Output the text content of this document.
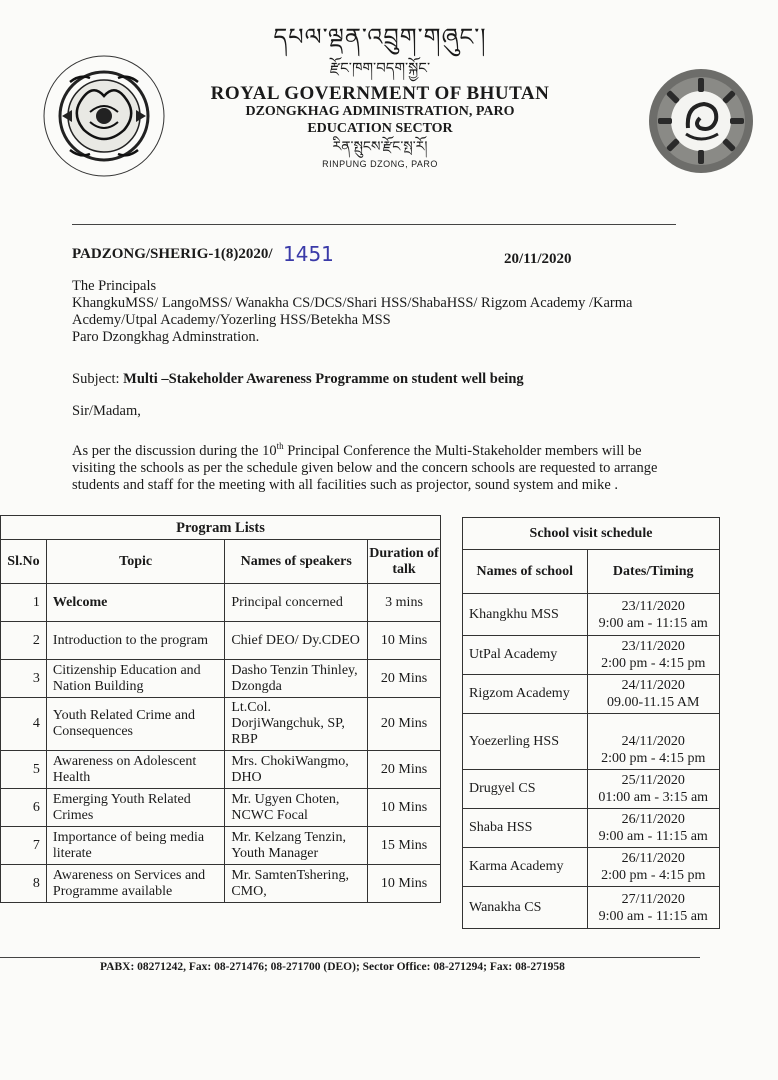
དཔལ་ལྡན་འབྲུག་གཞུང་།
རྫོང་ཁག་བདག་སྐྱོང་
ROYAL GOVERNMENT OF BHUTAN
DZONGKHAG ADMINISTRATION, PARO
EDUCATION SECTOR
རིན་སྤུངས་རྫོང་སྤ་རོ།
RINPUNG DZONG, PARO
PADZONG/SHERIG-1(8)2020/ 1451	20/11/2020
The Principals
KhangkuMSS/ LangoMSS/ Wanakha CS/DCS/Shari HSS/ShabaHSS/ Rigzom Academy /Karma Acdemy/Utpal Academy/Yozerling HSS/Betekha MSS
Paro Dzongkhag Adminstration.
Subject: Multi –Stakeholder Awareness Programme on student well being
Sir/Madam,
As per the discussion during the 10th Principal Conference the Multi-Stakeholder members will be visiting the schools as per the schedule given below and the concern schools are requested to arrange students and staff for the meeting with all facilities such as projector, sound system and mike .
Program Lists			
Sl.No	Topic	Names of speakers	Duration of talk
1	Welcome	Principal concerned	3 mins
2	Introduction to the program	Chief DEO/ Dy.CDEO	10 Mins
3	Citizenship Education and Nation Building	Dasho Tenzin Thinley, Dzongda	20 Mins
4	Youth Related Crime and Consequences	Lt.Col. DorjiWangchuk, SP, RBP	20 Mins
5	Awareness on Adolescent Health	Mrs. ChokiWangmo, DHO	20 Mins
6	Emerging Youth Related Crimes	Mr. Ugyen Choten, NCWC Focal	10 Mins
7	Importance of being media literate	Mr. Kelzang Tenzin, Youth Manager	15 Mins
8	Awareness on Services and Programme available	Mr. SamtenTshering, CMO,	10 Mins
School visit schedule	
Names of school	Dates/Timing
Khangkhu MSS	23/11/2020
9:00 am - 11:15 am

UtPal Academy	23/11/2020
2:00 pm - 4:15 pm

Rigzom Academy	24/11/2020
09.00-11.15 AM

Yoezerling HSS	24/11/2020
2:00 pm - 4:15 pm

Drugyel CS	25/11/2020
01:00 am - 3:15 am

Shaba HSS	26/11/2020
9:00 am - 11:15 am

Karma Academy	26/11/2020
2:00 pm - 4:15 pm

Wanakha CS	27/11/2020
9:00 am - 11:15 am
PABX: 08271242, Fax: 08-271476; 08-271700 (DEO); Sector Office: 08-271294; Fax: 08-271958
